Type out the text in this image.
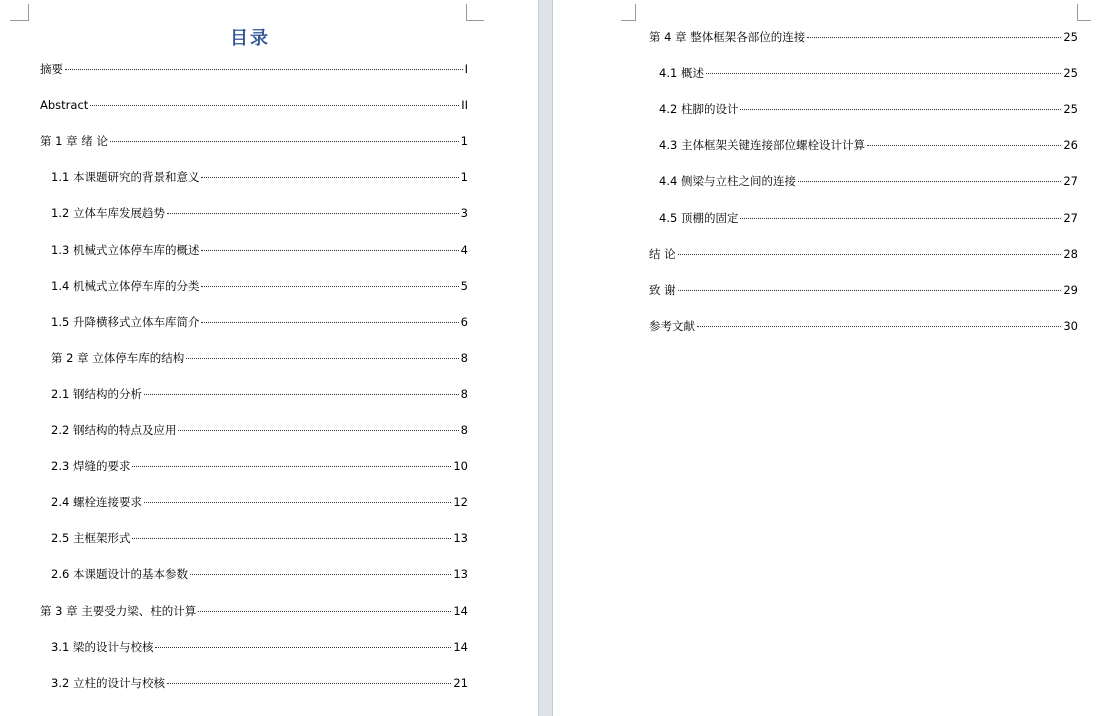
目录
摘要	I
Abstract	II
第 1 章 绪 论	1
1.1 本课题研究的背景和意义	1
1.2 立体车库发展趋势	3
1.3 机械式立体停车库的概述	4
1.4 机械式立体停车库的分类	5
1.5 升降横移式立体车库简介	6
第 2 章 立体停车库的结构	8
2.1 钢结构的分析	8
2.2 钢结构的特点及应用	8
2.3 焊缝的要求	10
2.4 螺栓连接要求	12
2.5 主框架形式	13
2.6 本课题设计的基本参数	13
第 3 章 主要受力梁、柱的计算	14
3.1 梁的设计与校核	14
3.2 立柱的设计与校核	21
第 4 章 整体框架各部位的连接	25
4.1 概述	25
4.2 柱脚的设计	25
4.3 主体框架关键连接部位螺栓设计计算	26
4.4 侧梁与立柱之间的连接	27
4.5 顶棚的固定	27
结 论	28
致 谢	29
参考文献	30
